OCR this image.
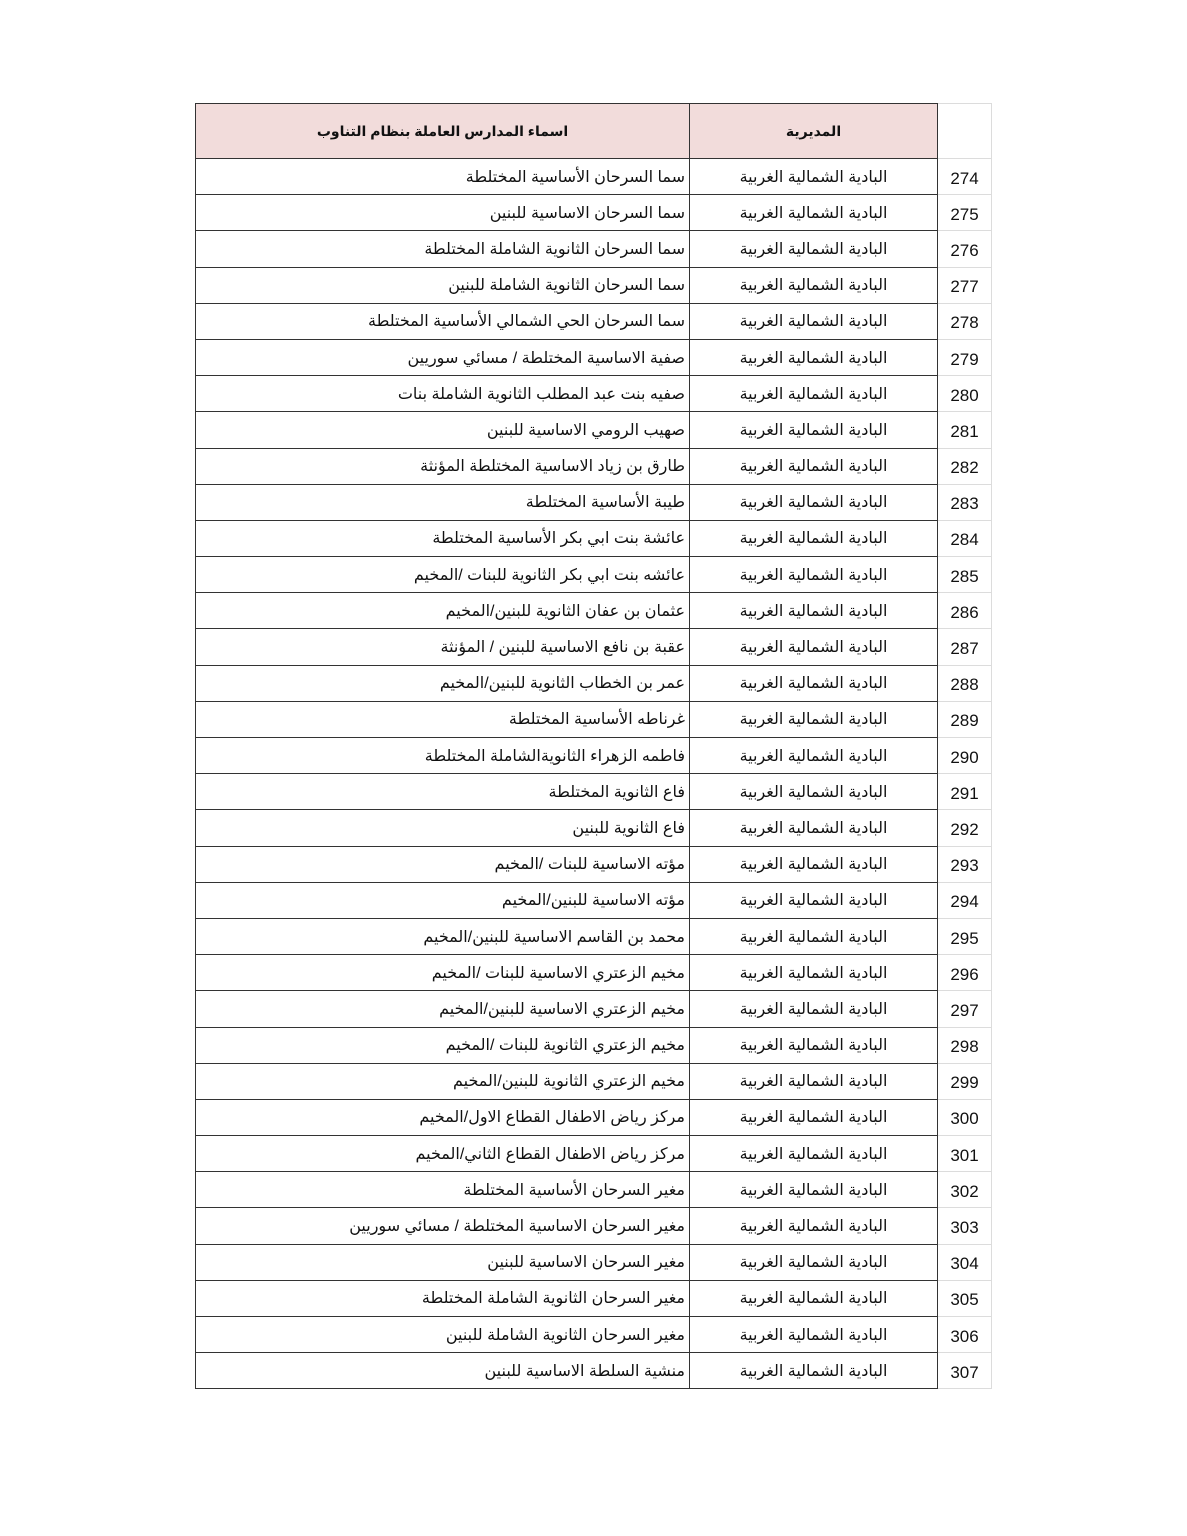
اسماء المدارس العاملة بنظام التناوب	المديرية	
سما السرحان الأساسية المختلطة	البادية الشمالية الغربية	274
سما السرحان الاساسية للبنين	البادية الشمالية الغربية	275
سما السرحان الثانوية الشاملة المختلطة	البادية الشمالية الغربية	276
سما السرحان الثانوية الشاملة للبنين	البادية الشمالية الغربية	277
سما السرحان الحي الشمالي الأساسية المختلطة	البادية الشمالية الغربية	278
صفية الاساسية المختلطة / مسائي سوريين	البادية الشمالية الغربية	279
صفيه بنت عبد المطلب الثانوية الشاملة بنات	البادية الشمالية الغربية	280
صهيب الرومي الاساسية للبنين	البادية الشمالية الغربية	281
طارق بن زياد الاساسية المختلطة المؤنثة	البادية الشمالية الغربية	282
طيبة الأساسية المختلطة	البادية الشمالية الغربية	283
عائشة بنت ابي بكر الأساسية المختلطة	البادية الشمالية الغربية	284
عائشه بنت ابي بكر الثانوية للبنات /المخيم	البادية الشمالية الغربية	285
عثمان بن عفان الثانوية للبنين/المخيم	البادية الشمالية الغربية	286
عقبة بن نافع الاساسية للبنين / المؤنثة	البادية الشمالية الغربية	287
عمر بن الخطاب الثانوية للبنين/المخيم	البادية الشمالية الغربية	288
غرناطه الأساسية المختلطة	البادية الشمالية الغربية	289
فاطمه الزهراء الثانويةالشاملة المختلطة	البادية الشمالية الغربية	290
فاع الثانوية المختلطة	البادية الشمالية الغربية	291
فاع الثانوية للبنين	البادية الشمالية الغربية	292
مؤته الاساسية للبنات /المخيم	البادية الشمالية الغربية	293
مؤته الاساسية للبنين/المخيم	البادية الشمالية الغربية	294
محمد بن القاسم الاساسية للبنين/المخيم	البادية الشمالية الغربية	295
مخيم الزعتري الاساسية للبنات /المخيم	البادية الشمالية الغربية	296
مخيم الزعتري الاساسية للبنين/المخيم	البادية الشمالية الغربية	297
مخيم الزعتري الثانوية للبنات /المخيم	البادية الشمالية الغربية	298
مخيم الزعتري الثانوية للبنين/المخيم	البادية الشمالية الغربية	299
مركز رياض الاطفال القطاع الاول/المخيم	البادية الشمالية الغربية	300
مركز رياض الاطفال القطاع الثاني/المخيم	البادية الشمالية الغربية	301
مغير السرحان الأساسية المختلطة	البادية الشمالية الغربية	302
مغير السرحان الاساسية المختلطة / مسائي سوريين	البادية الشمالية الغربية	303
مغير السرحان الاساسية للبنين	البادية الشمالية الغربية	304
مغير السرحان الثانوية الشاملة المختلطة	البادية الشمالية الغربية	305
مغير السرحان الثانوية الشاملة للبنين	البادية الشمالية الغربية	306
منشية السلطة الاساسية للبنين	البادية الشمالية الغربية	307
